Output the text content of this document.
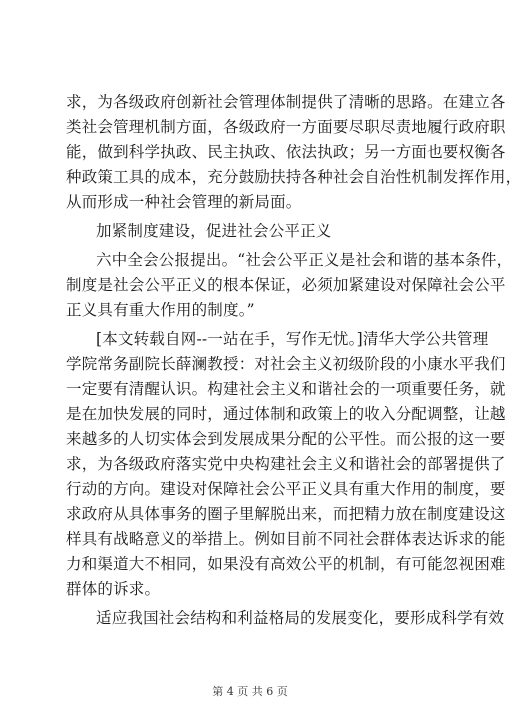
求，为各级政府创新社会管理体制提供了清晰的思路。在建立各
类社会管理机制方面，各级政府一方面要尽职尽责地履行政府职
能，做到科学执政、民主执政、依法执政；另一方面也要权衡各
种政策工具的成本，充分鼓励扶持各种社会自治性机制发挥作用，
从而形成一种社会管理的新局面。
加紧制度建设，促进社会公平正义
六中全会公报提出。“社会公平正义是社会和谐的基本条件，
制度是社会公平正义的根本保证，必须加紧建设对保障社会公平
正义具有重大作用的制度。”
[本文转载自网--一站在手，写作无忧。]清华大学公共管理
学院常务副院长薛澜教授：对社会主义初级阶段的小康水平我们
一定要有清醒认识。构建社会主义和谐社会的一项重要任务，就
是在加快发展的同时，通过体制和政策上的收入分配调整，让越
来越多的人切实体会到发展成果分配的公平性。而公报的这一要
求，为各级政府落实党中央构建社会主义和谐社会的部署提供了
行动的方向。建设对保障社会公平正义具有重大作用的制度，要
求政府从具体事务的圈子里解脱出来，而把精力放在制度建设这
样具有战略意义的举措上。例如目前不同社会群体表达诉求的能
力和渠道大不相同，如果没有高效公平的机制，有可能忽视困难
群体的诉求。
适应我国社会结构和利益格局的发展变化，要形成科学有效
第 4 页 共 6 页
